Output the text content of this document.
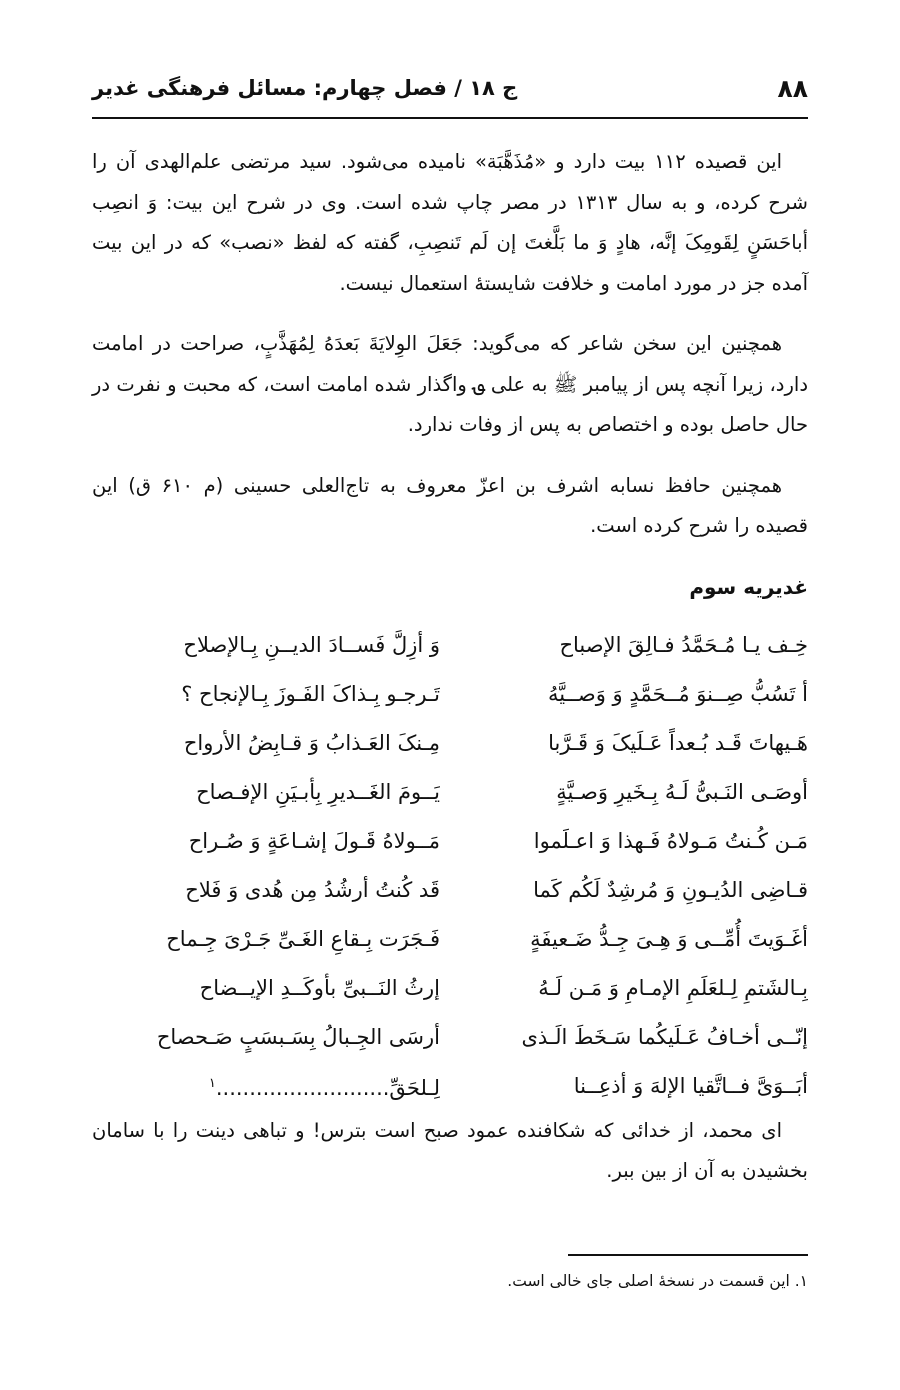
۸۸
ج ۱۸ / فصل چهارم: مسائل فرهنگی غدیر

این قصیده ۱۱۲ بیت دارد و «مُذَهَّبَة» نامیده می‌شود. سید مرتضی علم‌الهدی آن را شرح کرده، و به سال ۱۳۱۳ در مصر چاپ شده است. وی در شرح این بیت: وَ انصِب أباحَسَنٍ لِقَومِکَ إنَّه، هادٍ وَ ما بَلَّغتَ إن لَم تَنصِبِ، گفته که لفظ «نصب» که در این بیت آمده جز در مورد امامت و خلافت شایستهٔ استعمال نیست.

همچنین این سخن شاعر که می‌گوید: جَعَلَ الوِلایَةَ بَعدَهُ لِمُهَذَّبٍ، صراحت در امامت دارد، زیرا آنچه پس از پیامبر ﷺ به علی ؈ واگذار شده امامت است، که محبت و نفرت در حال حاصل بوده و اختصاص به پس از وفات ندارد.

همچنین حافظ نسابه اشرف بن اعزّ معروف به تاج‌العلی حسینی (م ۶۱۰ ق) این قصیده را شرح کرده است.

غدیریه سوم
خِـف یـا مُـحَمَّدُ فـالِقَ الإصباح
وَ أزِلَّ فَســادَ الدیــنِ بِـالإصلاح
أ تَسُبُّ صِــنوَ مُــحَمَّدٍ وَ وَصــیَّهُ
تَـرجـو بِـذاکَ الفَـوزَ بِـالإنجاح ؟
هَـیهاتَ قَـد بُـعداً عَـلَیکَ وَ قَـرَّبا
مِـنکَ العَـذابُ وَ قـابِضُ الأرواح
أوصَـی النَـبیُّ لَـهُ بِـخَیرِ وَصـیَّةٍ
یَــومَ الغَــدیرِ بِأبـیَنِ الإفـصاح
مَـن کُـنتُ مَـولاهُ فَـهذا وَ اعـلَموا
مَــولاهُ قَـولَ إشـاعَةٍ وَ صُـراح
قـاضِی الدُیـونِ وَ مُرشِدٌ لَکُم کَما
قَد کُنتُ أرشُدُ مِن هُدی وَ فَلاح
أغَـوَیتَ أُمِّــی وَ هِـیَ جِـدُّ ضَـعیفَةٍ
فَـجَرَت بِـقاعِ الغَـیِّ جَـرْیَ جِـماح
بِـالشَتمِ لِـلعَلَمِ الإمـامِ وَ مَـن لَـهُ
إرثُ النَــبیِّ بأوکَــدِ الإیــضاح
إنّــی أخـافُ عَـلَیکُما سَـخَطَ الَـذی
أرسَی الجِـبالُ بِسَـبسَبٍ صَـحصاح
أبَــوَیَّ فــاتَّقیا الإلهَ وَ أذعِــنا
لِـلحَقِّ..........................$^۱$

ای محمد، از خدائی که شکافنده عمود صبح است بترس! و تباهی دینت را با سامان بخشیدن به آن از بین ببر.

۱. این قسمت در نسخهٔ اصلی جای خالی است.
